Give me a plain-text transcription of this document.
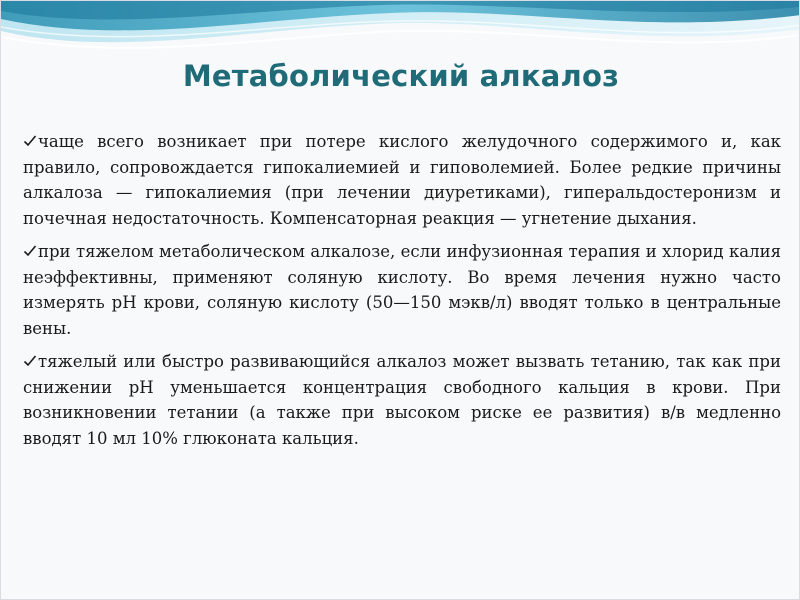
Метаболический алкалоз

чаще всего возникает при потере кислого желудочного содержимого и, как правило, сопровождается гипокалиемией и гиповолемией. Более редкие причины алкалоза — гипокалиемия (при лечении диуретиками), гиперальдостеронизм и почечная недостаточность. Компенсаторная реакция — угнетение дыхания.

при тяжелом метаболическом алкалозе, если инфузионная терапия и хлорид калия неэффективны, применяют соляную кислоту. Во время лечения нужно часто измерять pH крови, соляную кислоту (50—150 мэкв/л) вводят только в центральные вены.

тяжелый или быстро развивающийся алкалоз может вызвать тетанию, так как при снижении pH уменьшается концентрация свободного кальция в крови. При возникновении тетании (а также при высоком риске ее развития) в/в медленно вводят 10 мл 10% глюконата кальция.
